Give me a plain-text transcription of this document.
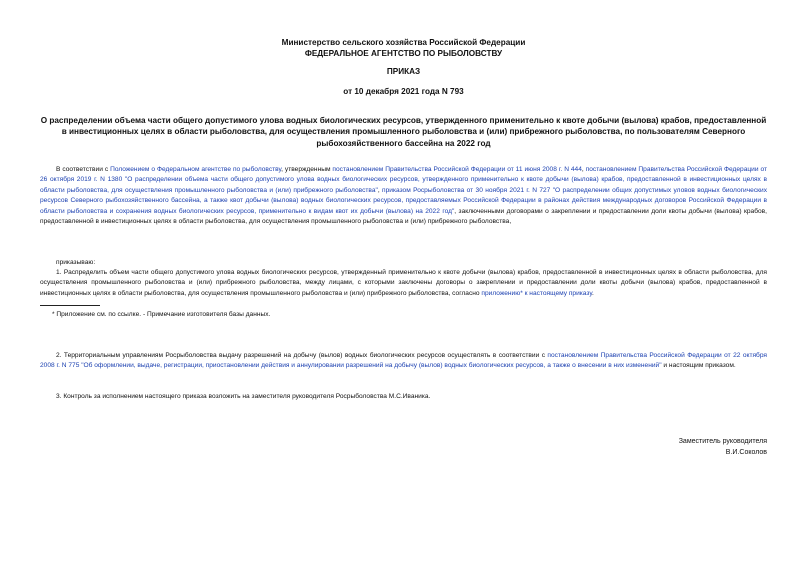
Министерство сельского хозяйства Российской Федерации
ФЕДЕРАЛЬНОЕ АГЕНТСТВО ПО РЫБОЛОВСТВУ
ПРИКАЗ
от 10 декабря 2021 года N 793
О распределении объема части общего допустимого улова водных биологических ресурсов, утвержденного применительно к квоте добычи (вылова) крабов, предоставленной в инвестиционных целях в области рыболовства, для осуществления промышленного рыболовства и (или) прибрежного рыболовства, по пользователям Северного рыбохозяйственного бассейна на 2022 год
В соответствии с Положением о Федеральном агентстве по рыболовству, утвержденным постановлением Правительства Российской Федерации от 11 июня 2008 г. N 444, постановлением Правительства Российской Федерации от 26 октября 2019 г. N 1380 "О распределении объема части общего допустимого улова водных биологических ресурсов, утвержденного применительно к квоте добычи (вылова) крабов, предоставленной в инвестиционных целях в области рыболовства, для осуществления промышленного рыболовства и (или) прибрежного рыболовства", приказом Росрыболовства от 30 ноября 2021 г. N 727 "О распределении общих допустимых уловов водных биологических ресурсов Северного рыбохозяйственного бассейна, а также квот добычи (вылова) водных биологических ресурсов, предоставляемых Российской Федерации в районах действия международных договоров Российской Федерации в области рыболовства и сохранения водных биологических ресурсов, применительно к видам квот их добычи (вылова) на 2022 год", заключенными договорами о закреплении и предоставлении доли квоты добычи (вылова) крабов, предоставленной в инвестиционных целях в области рыболовства, для осуществления промышленного рыболовства и (или) прибрежного рыболовства,
приказываю:
1. Распределить объем части общего допустимого улова водных биологических ресурсов, утвержденный применительно к квоте добычи (вылова) крабов, предоставленной в инвестиционных целях в области рыболовства, для осуществления промышленного рыболовства и (или) прибрежного рыболовства, между лицами, с которыми заключены договоры о закреплении и предоставлении доли квоты добычи (вылова) крабов, предоставленной в инвестиционных целях в области рыболовства, для осуществления промышленного рыболовства и (или) прибрежного рыболовства, согласно приложению* к настоящему приказу.
* Приложение см. по ссылке. - Примечание изготовителя базы данных.
2. Территориальным управлениям Росрыболовства выдачу разрешений на добычу (вылов) водных биологических ресурсов осуществлять в соответствии с постановлением Правительства Российской Федерации от 22 октября 2008 г. N 775 "Об оформлении, выдаче, регистрации, приостановлении действия и аннулировании разрешений на добычу (вылов) водных биологических ресурсов, а также о внесении в них изменений" и настоящим приказом.
3. Контроль за исполнением настоящего приказа возложить на заместителя руководителя Росрыболовства М.С.Иваника.
Заместитель руководителя
В.И.Соколов
